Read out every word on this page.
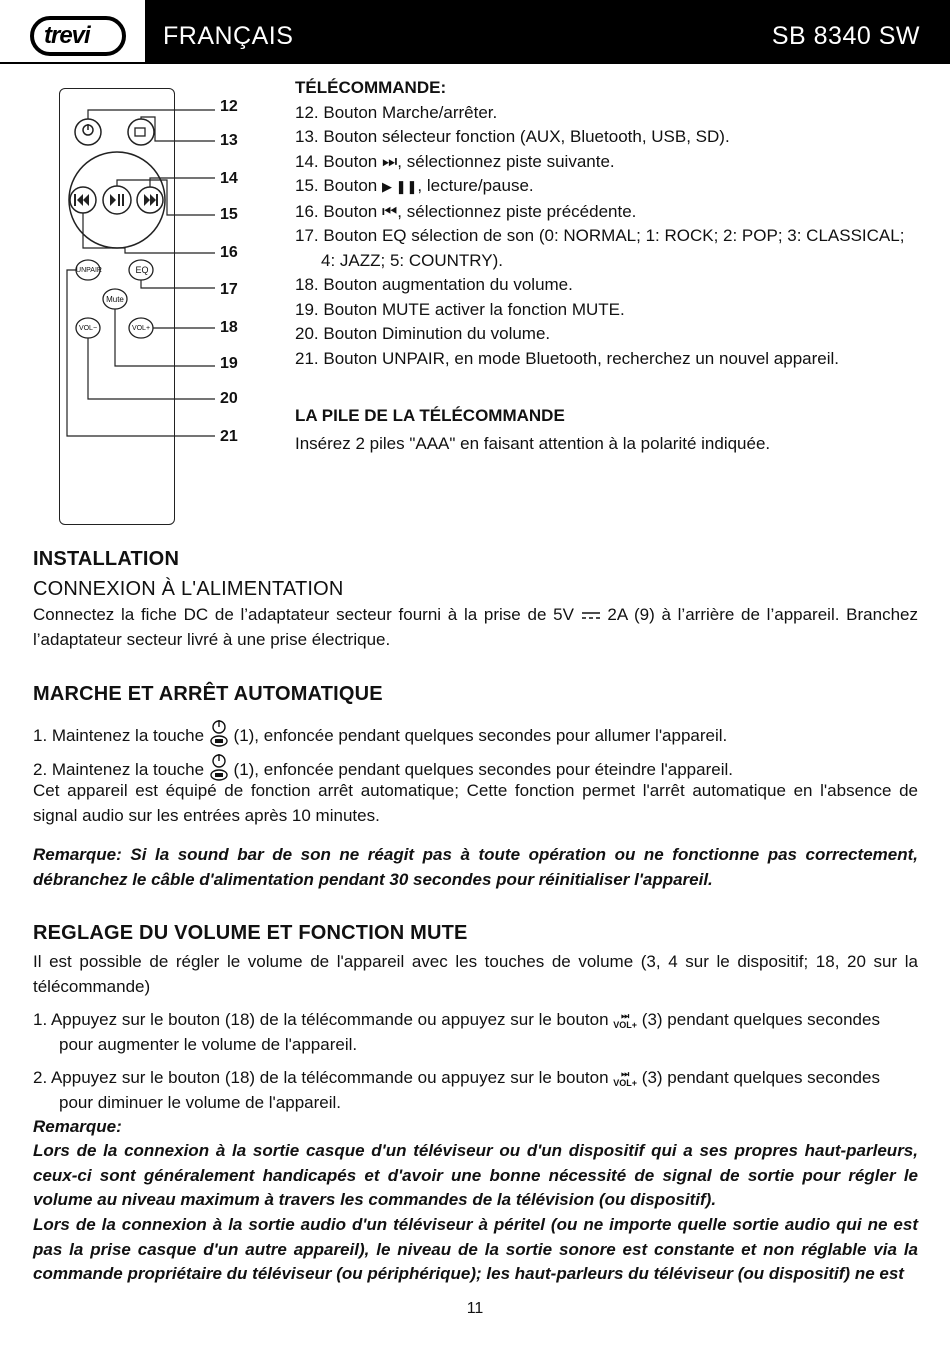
trevi	FRANÇAIS	SB 8340 SW
UNPAIR	EQ
Mute
VOL−	VOL+
12
13
14
15
16
17
18
19
20
21
TÉLÉCOMMANDE:
12. Bouton Marche/arrêter.
13. Bouton sélecteur fonction (AUX, Bluetooth, USB, SD).
14. Bouton ⏭, sélectionnez piste suivante.
15. Bouton ▶ ❚❚, lecture/pause.
16. Bouton ⏮, sélectionnez piste précédente.
17. Bouton EQ sélection de son (0: NORMAL; 1: ROCK; 2: POP; 3: CLASSICAL;
4: JAZZ; 5: COUNTRY).
18. Bouton augmentation du volume.
19. Bouton MUTE activer la fonction MUTE.
20. Bouton Diminution du volume.
21. Bouton UNPAIR, en mode Bluetooth, recherchez un nouvel appareil.
LA PILE DE LA TÉLÉCOMMANDE
Insérez 2 piles "AAA" en faisant attention à la polarité indiquée.
INSTALLATION
CONNEXION À L'ALIMENTATION
Connectez la fiche DC de l’adaptateur secteur fourni à la prise de 5V 2A (9) à l’arrière de l’appareil. Branchez l’adaptateur secteur livré à une prise électrique.
MARCHE ET ARRÊT AUTOMATIQUE
1. Maintenez la touche (1), enfoncée pendant quelques secondes pour allumer l'appareil.
2. Maintenez la touche (1), enfoncée pendant quelques secondes pour éteindre l'appareil.
Cet appareil est équipé de fonction arrêt automatique; Cette fonction permet l'arrêt automatique en l'absence de signal audio sur les entrées après 10 minutes.
Remarque: Si la sound bar de son ne réagit pas à toute opération ou ne fonctionne pas correctement, débranchez le câble d'alimentation pendant 30 secondes pour réinitialiser l'appareil.
REGLAGE DU VOLUME ET FONCTION MUTE
Il est possible de régler le volume de l'appareil avec les touches de volume (3, 4 sur le dispositif; 18, 20 sur la télécommande)
1. Appuyez sur le bouton (18) de la télécommande ou appuyez sur le bouton ⏭
VOL+ (3) pendant quelques secondes
pour augmenter le volume de l'appareil.
2. Appuyez sur le bouton (18) de la télécommande ou appuyez sur le bouton ⏭
VOL+ (3) pendant quelques secondes
pour diminuer le volume de l'appareil.
Remarque:
Lors de la connexion à la sortie casque d'un téléviseur ou d'un dispositif qui a ses propres haut-parleurs, ceux-ci sont généralement handicapés et d'avoir une bonne nécessité de signal de sortie pour régler le volume au niveau maximum à travers les commandes de la télévision (ou dispositif).
Lors de la connexion à la sortie audio d'un téléviseur à péritel (ou ne importe quelle sortie audio qui ne est pas la prise casque d'un autre appareil), le niveau de la sortie sonore est constante et non réglable via la commande propriétaire du téléviseur (ou périphérique); les haut-parleurs du téléviseur (ou dispositif) ne est
11
